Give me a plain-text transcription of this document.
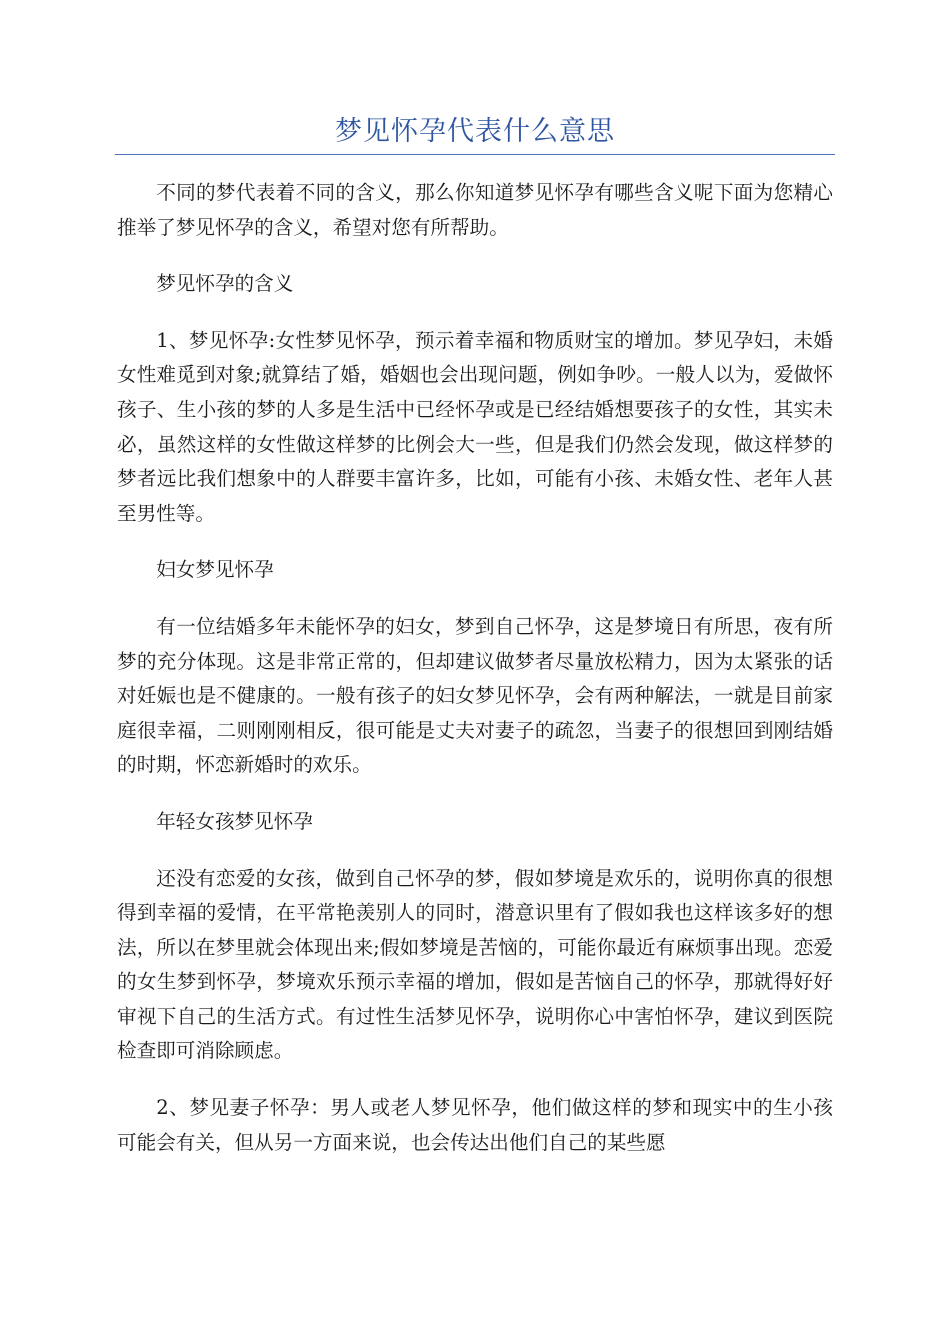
梦见怀孕代表什么意思

不同的梦代表着不同的含义，那么你知道梦见怀孕有哪些含义呢下面为您精心推举了梦见怀孕的含义，希望对您有所帮助。

梦见怀孕的含义

1、梦见怀孕:女性梦见怀孕，预示着幸福和物质财宝的增加。梦见孕妇，未婚女性难觅到对象;就算结了婚，婚姻也会出现问题，例如争吵。一般人以为，爱做怀孩子、生小孩的梦的人多是生活中已经怀孕或是已经结婚想要孩子的女性，其实未必，虽然这样的女性做这样梦的比例会大一些，但是我们仍然会发现，做这样梦的梦者远比我们想象中的人群要丰富许多，比如，可能有小孩、未婚女性、老年人甚至男性等。

妇女梦见怀孕

有一位结婚多年未能怀孕的妇女，梦到自己怀孕，这是梦境日有所思，夜有所梦的充分体现。这是非常正常的，但却建议做梦者尽量放松精力，因为太紧张的话对妊娠也是不健康的。一般有孩子的妇女梦见怀孕，会有两种解法，一就是目前家庭很幸福，二则刚刚相反，很可能是丈夫对妻子的疏忽，当妻子的很想回到刚结婚的时期，怀恋新婚时的欢乐。

年轻女孩梦见怀孕

还没有恋爱的女孩，做到自己怀孕的梦，假如梦境是欢乐的，说明你真的很想得到幸福的爱情，在平常艳羡别人的同时，潜意识里有了假如我也这样该多好的想法，所以在梦里就会体现出来;假如梦境是苦恼的，可能你最近有麻烦事出现。恋爱的女生梦到怀孕，梦境欢乐预示幸福的增加，假如是苦恼自己的怀孕，那就得好好审视下自己的生活方式。有过性生活梦见怀孕，说明你心中害怕怀孕，建议到医院检查即可消除顾虑。

2、梦见妻子怀孕：男人或老人梦见怀孕，他们做这样的梦和现实中的生小孩可能会有关，但从另一方面来说，也会传达出他们自己的某些愿
